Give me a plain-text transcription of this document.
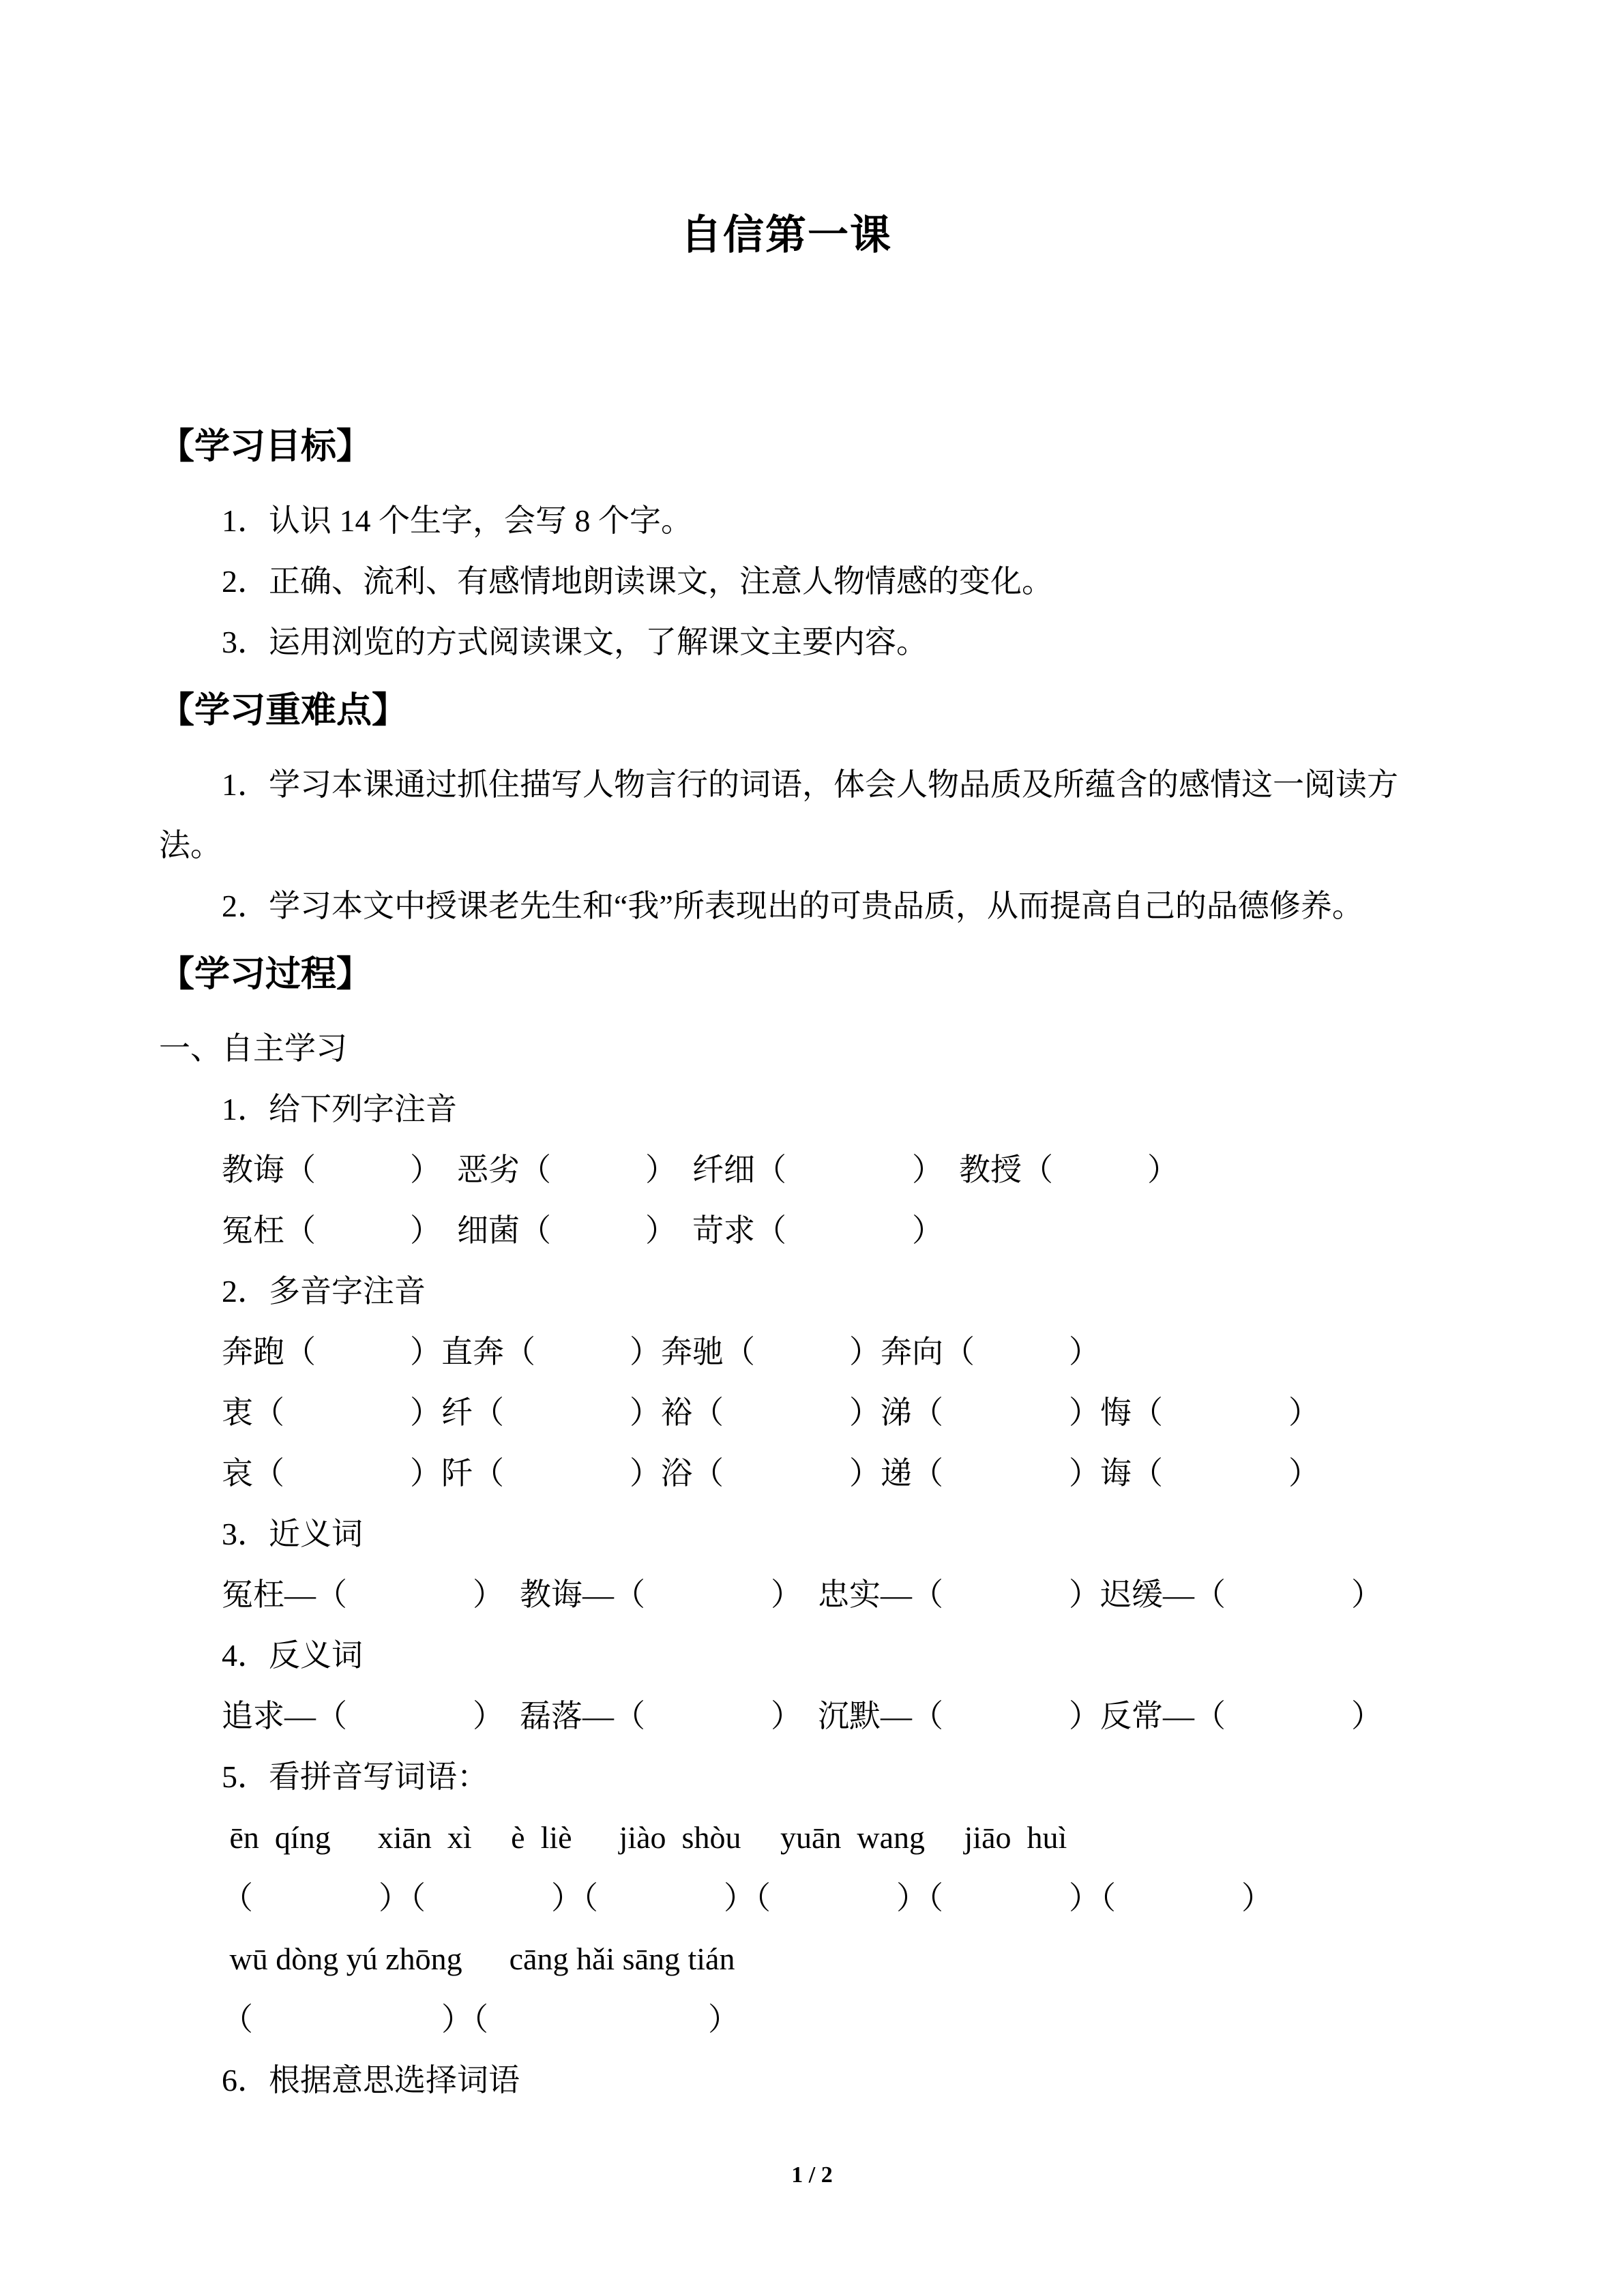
自信第一课
【学习目标】

1．认识 14 个生字，会写 8 个字。

2．正确、流利、有感情地朗读课文，注意人物情感的变化。

3．运用浏览的方式阅读课文，了解课文主要内容。

【学习重难点】

1．学习本课通过抓住描写人物言行的词语，体会人物品质及所蕴含的感情这一阅读方法。

2．学习本文中授课老先生和“我”所表现出的可贵品质，从而提高自己的品德修养。

【学习过程】

一、自主学习

1．给下列字注音

教诲（　　　）　恶劣（　　　）　纤细（　　　　）　教授（　　　）

冤枉（　　　）　细菌（　　　）　苛求（　　　　）

2．多音字注音

奔跑（　　　）直奔（　　　）奔驰（　　　）奔向（　　　）

衷（　　　　）纤（　　　　）裕（　　　　）涕（　　　　）悔（　　　　）

哀（　　　　）阡（　　　　）浴（　　　　）递（　　　　）诲（　　　　）

3．近义词

冤枉—（　　　　）　教诲—（　　　　）　忠实—（　　　　）迟缓—（　　　　）

4．反义词

追求—（　　　　）　磊落—（　　　　）　沉默—（　　　　）反常—（　　　　）

5．看拼音写词语：

ēn  qíng      xiān  xì     è  liè      jiào  shòu     yuān  wang     jiāo  huì

（　　　　）（　　　　）（　　　　）（　　　　）（　　　　）（　　　　）

wū dòng yú zhōng      cāng hǎi sāng tián

（　　　　　　）（　　　　　　　）

6．根据意思选择词语

1 / 2
